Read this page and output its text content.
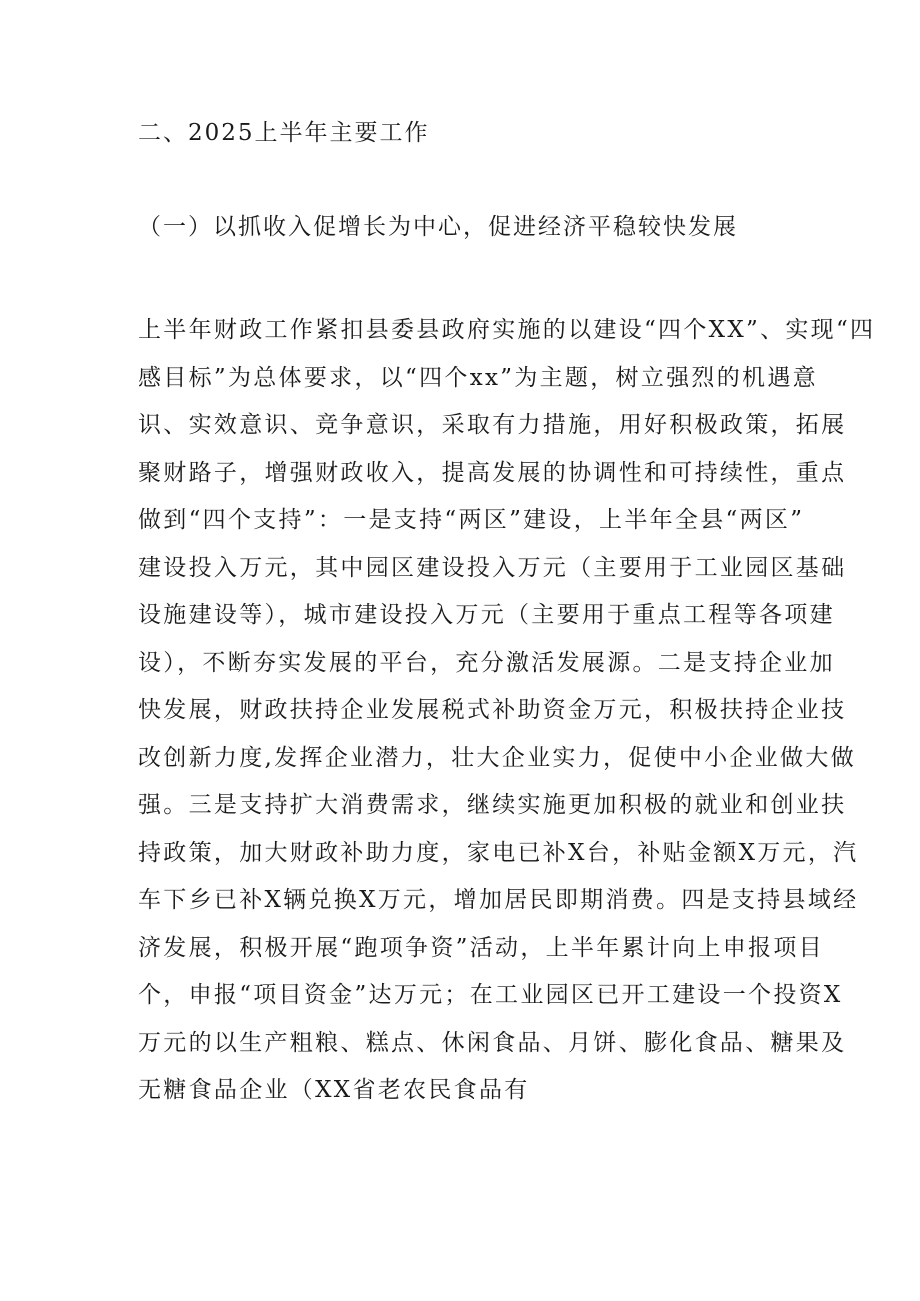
二、2025上半年主要工作
（一）以抓收入促增长为中心，促进经济平稳较快发展
上半年财政工作紧扣县委县政府实施的以建设“四个XX”、实现“四
感目标”为总体要求，以“四个xx”为主题，树立强烈的机遇意
识、实效意识、竞争意识，采取有力措施，用好积极政策，拓展
聚财路子，增强财政收入，提高发展的协调性和可持续性，重点
做到“四个支持”：一是支持“两区”建设，上半年全县“两区”
建设投入万元，其中园区建设投入万元（主要用于工业园区基础
设施建设等），城市建设投入万元（主要用于重点工程等各项建
设），不断夯实发展的平台，充分激活发展源。二是支持企业加
快发展，财政扶持企业发展税式补助资金万元，积极扶持企业技
改创新力度,发挥企业潜力，壮大企业实力，促使中小企业做大做
强。三是支持扩大消费需求，继续实施更加积极的就业和创业扶
持政策，加大财政补助力度，家电已补X台，补贴金额X万元，汽
车下乡已补X辆兑换X万元，增加居民即期消费。四是支持县域经
济发展，积极开展“跑项争资”活动，上半年累计向上申报项目
个，申报“项目资金”达万元；在工业园区已开工建设一个投资X
万元的以生产粗粮、糕点、休闲食品、月饼、膨化食品、糖果及
无糖食品企业（XX省老农民食品有
